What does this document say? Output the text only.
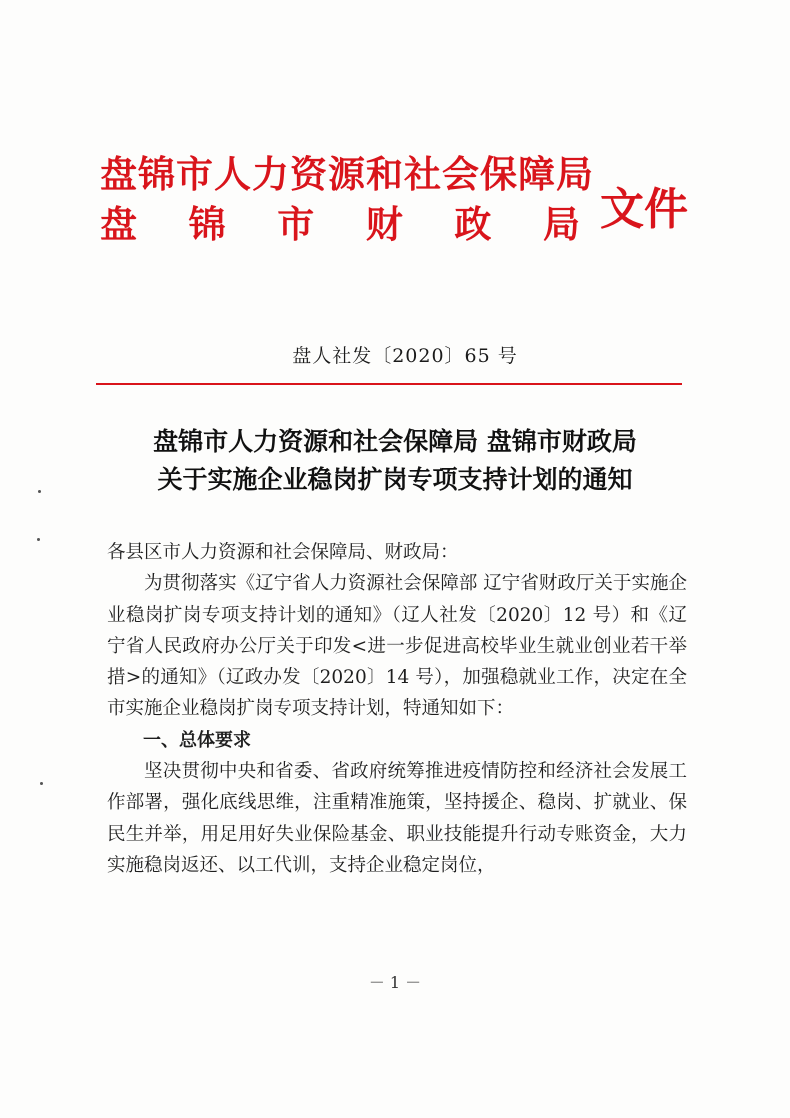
盘锦市人力资源和社会保障局
盘 锦 市 财 政 局 文件
盘人社发〔2020〕65 号
盘锦市人力资源和社会保障局 盘锦市财政局
关于实施企业稳岗扩岗专项支持计划的通知

各县区市人力资源和社会保障局、财政局：

为贯彻落实《辽宁省人力资源社会保障部 辽宁省财政厅关于实施企业稳岗扩岗专项支持计划的通知》（辽人社发〔2020〕12 号）和《辽宁省人民政府办公厅关于印发<进一步促进高校毕业生就业创业若干举措>的通知》（辽政办发〔2020〕14 号），加强稳就业工作，决定在全市实施企业稳岗扩岗专项支持计划，特通知如下：

一、总体要求

坚决贯彻中央和省委、省政府统筹推进疫情防控和经济社会发展工作部署，强化底线思维，注重精准施策，坚持援企、稳岗、扩就业、保民生并举，用足用好失业保险基金、职业技能提升行动专账资金，大力实施稳岗返还、以工代训，支持企业稳定岗位，

－ 1 －
